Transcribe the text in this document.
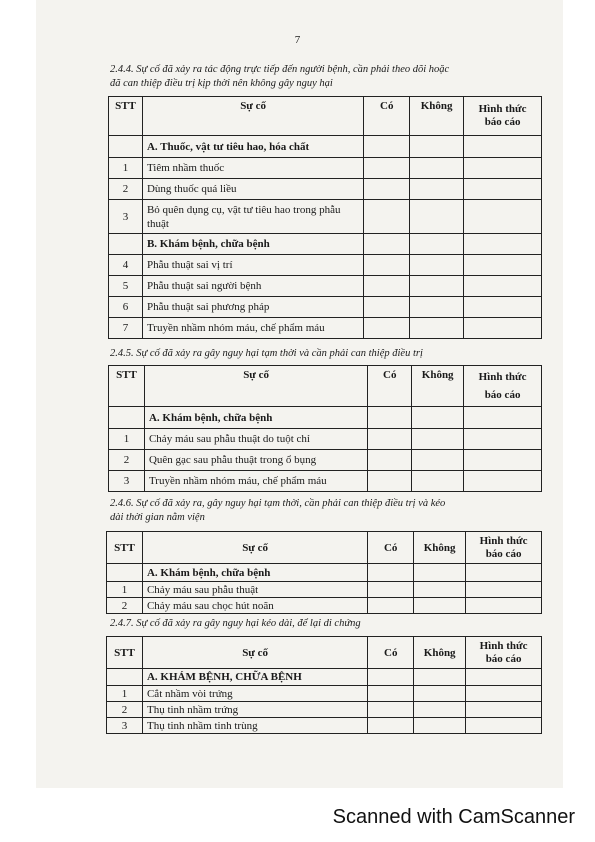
7
2.4.4. Sự cố đã xảy ra tác động trực tiếp đến người bệnh, cần phải theo dõi hoặc
đã can thiệp điều trị kịp thời nên không gây nguy hại
STT	Sự cố	Có	Không	Hình thức
báo cáo

	A. Thuốc, vật tư tiêu hao, hóa chất			
1	Tiêm nhầm thuốc			
2	Dùng thuốc quá liều			
3	Bỏ quên dụng cụ, vật tư tiêu hao trong phẫu thuật			
	B. Khám bệnh, chữa bệnh			
4	Phẫu thuật sai vị trí			
5	Phẫu thuật sai người bệnh			
6	Phẫu thuật sai phương pháp			
7	Truyền nhầm nhóm máu, chế phẩm máu			
2.4.5. Sự cố đã xảy ra gây nguy hại tạm thời và cần phải can thiệp điều trị
STT	Sự cố	Có	Không	Hình thức
báo cáo

	A. Khám bệnh, chữa bệnh			
1	Chảy máu sau phẫu thuật do tuột chỉ			
2	Quên gạc sau phẫu thuật trong ổ bụng			
3	Truyền nhầm nhóm máu, chế phẩm máu			
2.4.6. Sự cố đã xảy ra, gây nguy hại tạm thời, cần phải can thiệp điều trị và kéo
dài thời gian nằm viện
STT	Sự cố	Có	Không	Hình thức
báo cáo

	A. Khám bệnh, chữa bệnh			
1	Chảy máu sau phẫu thuật			
2	Chảy máu sau chọc hút noãn			
2.4.7. Sự cố đã xảy ra gây nguy hại kéo dài, để lại di chứng
STT	Sự cố	Có	Không	Hình thức
báo cáo

	A. KHÁM BỆNH, CHỮA BỆNH			
1	Cắt nhầm vòi trứng			
2	Thụ tinh nhầm trứng			
3	Thụ tinh nhầm tinh trùng			
Scanned with CamScanner
